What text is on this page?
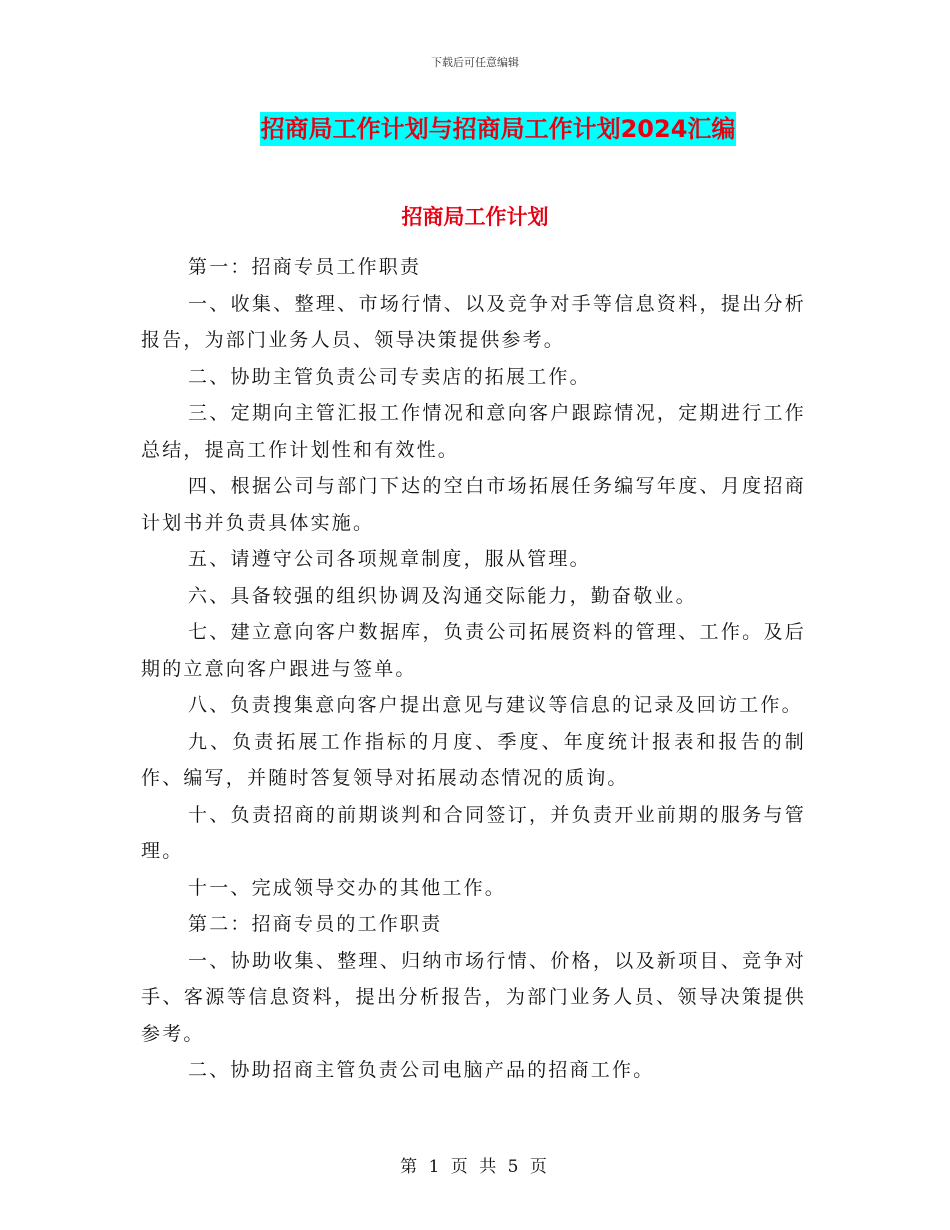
下载后可任意编辑
招商局工作计划与招商局工作计划2024汇编
招商局工作计划

第一：招商专员工作职责

一、收集、整理、市场行情、以及竞争对手等信息资料，提出分析报告，为部门业务人员、领导决策提供参考。

二、协助主管负责公司专卖店的拓展工作。

三、定期向主管汇报工作情况和意向客户跟踪情况，定期进行工作总结，提高工作计划性和有效性。

四、根据公司与部门下达的空白市场拓展任务编写年度、月度招商计划书并负责具体实施。

五、请遵守公司各项规章制度，服从管理。

六、具备较强的组织协调及沟通交际能力，勤奋敬业。

七、建立意向客户数据库，负责公司拓展资料的管理、工作。及后期的立意向客户跟进与签单。

八、负责搜集意向客户提出意见与建议等信息的记录及回访工作。

九、负责拓展工作指标的月度、季度、年度统计报表和报告的制作、编写，并随时答复领导对拓展动态情况的质询。

十、负责招商的前期谈判和合同签订，并负责开业前期的服务与管理。

十一、完成领导交办的其他工作。

第二：招商专员的工作职责

一、协助收集、整理、归纳市场行情、价格，以及新项目、竞争对手、客源等信息资料，提出分析报告，为部门业务人员、领导决策提供参考。

二、协助招商主管负责公司电脑产品的招商工作。

第 1 页 共 5 页
